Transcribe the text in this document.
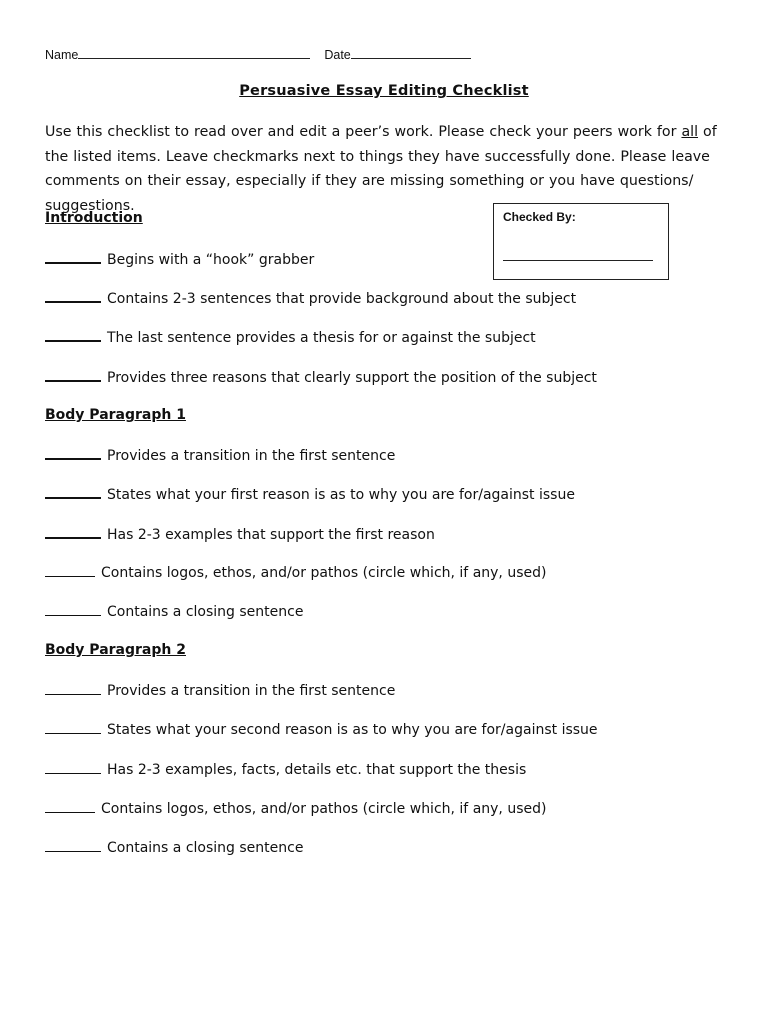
Name	Date
Persuasive Essay Editing Checklist

Use this checklist to read over and edit a peer’s work. Please check your peers work for all of the listed items. Leave checkmarks next to things they have successfully done. Please leave comments on their essay, especially if they are missing something or you have questions/ suggestions.

Checked By:
Introduction
Begins with a “hook” grabber
Contains 2-3 sentences that provide background about the subject
The last sentence provides a thesis for or against the subject
Provides three reasons that clearly support the position of the subject
Body Paragraph 1
Provides a transition in the first sentence
States what your first reason is as to why you are for/against issue
Has 2-3 examples that support the first reason
Contains logos, ethos, and/or pathos (circle which, if any, used)
Contains a closing sentence
Body Paragraph 2
Provides a transition in the first sentence
States what your second reason is as to why you are for/against issue
Has 2-3 examples, facts, details etc. that support the thesis
Contains logos, ethos, and/or pathos (circle which, if any, used)
Contains a closing sentence
